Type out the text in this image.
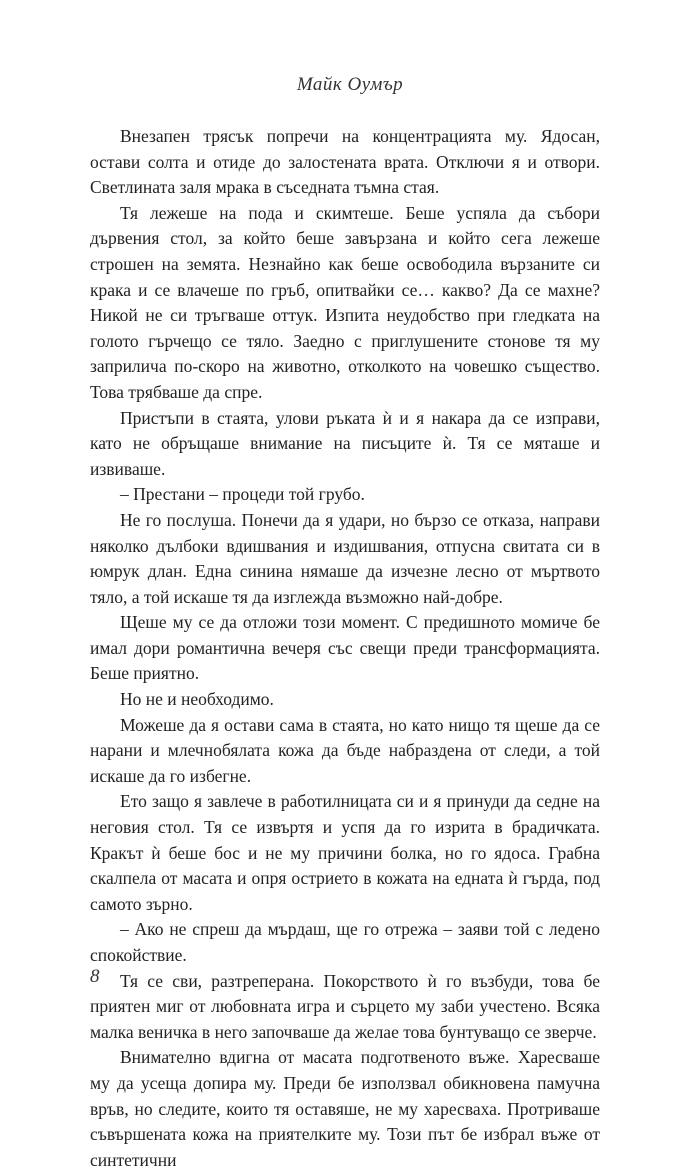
Майк Оумър

Внезапен трясък попречи на концентрацията му. Ядосан, остави солта и отиде до залостената врата. Отключи я и отвори. Светлината заля мрака в съседната тъмна стая.

Тя лежеше на пода и скимтеше. Беше успяла да събори дървения стол, за който беше завързана и който сега лежеше строшен на земята. Незнайно как беше освободила вързаните си крака и се влачеше по гръб, опитвайки се… какво? Да се махне? Никой не си тръгваше оттук. Изпита неудобство при гледката на голото гърчещо се тяло. Заедно с приглушените стонове тя му заприлича по-скоро на животно, отколкото на човешко същество. Това трябваше да спре.

Пристъпи в стаята, улови ръката ѝ и я накара да се изправи, като не обръщаше внимание на писъците ѝ. Тя се мяташе и извиваше.

– Престани – процеди той грубо.

Не го послуша. Понечи да я удари, но бързо се отказа, направи няколко дълбоки вдишвания и издишвания, отпусна свитата си в юмрук длан. Една синина нямаше да изчезне лесно от мъртвото тяло, а той искаше тя да изглежда възможно най-добре.

Щеше му се да отложи този момент. С предишното момиче бе имал дори романтична вечеря със свещи преди трансформацията. Беше приятно.

Но не и необходимо.

Можеше да я остави сама в стаята, но като нищо тя щеше да се нарани и млечнобялата кожа да бъде набраздена от следи, а той искаше да го избегне.

Ето защо я завлече в работилницата си и я принуди да седне на негoвия стол. Тя се извъртя и успя да го изрита в брадичката. Кракът ѝ беше бос и не му причини болка, но го ядоса. Грабна скалпела от масата и опря острието в кожата на едната ѝ гърда, под самото зърно.

– Ако не спреш да мърдаш, ще го отрежа – заяви той с ледено спокойствие.

Тя се сви, разтреперана. Покорството ѝ го възбуди, това бе приятен миг от любовната игра и сърцето му заби учестено. Всяка малка вeничка в него започваше да желае това бунтуващо се зверче.

Внимателно вдигна от масата подготвеното въже. Харесваше му да усеща допира му. Преди бе използвал обикновена памучна връв, но следите, които тя оставяше, не му харесваха. Протриваше съвършената кожа на приятелките му. Този път бе избрал въже от синтетични

8
